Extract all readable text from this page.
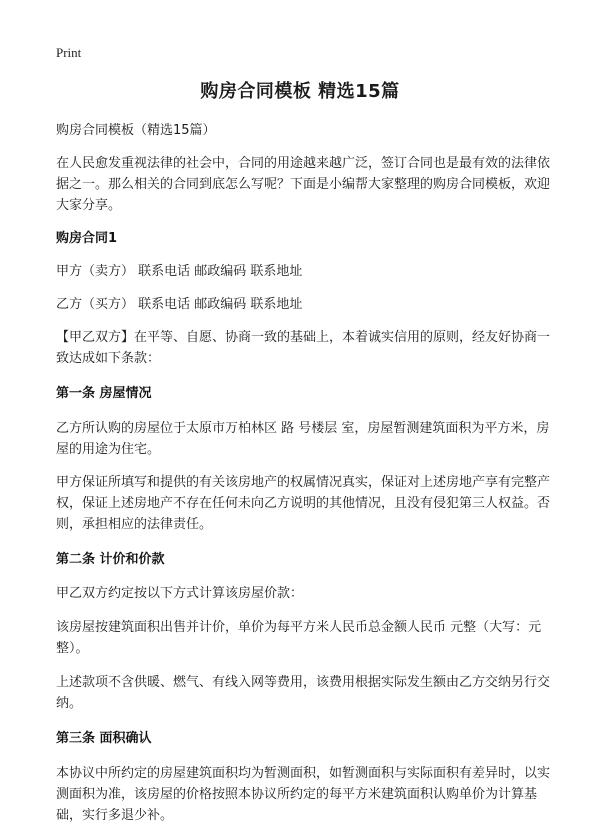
Print
购房合同模板 精选15篇

购房合同模板（精选15篇）

在人民愈发重视法律的社会中，合同的用途越来越广泛，签订合同也是最有效的法律依据之一。那么相关的合同到底怎么写呢？下面是小编帮大家整理的购房合同模板，欢迎大家分享。

购房合同1

甲方（卖方） 联系电话 邮政编码 联系地址

乙方（买方） 联系电话 邮政编码 联系地址

【甲乙双方】在平等、自愿、协商一致的基础上，本着诚实信用的原则，经友好协商一致达成如下条款：

第一条 房屋情况

乙方所认购的房屋位于太原市万柏林区 路 号楼层 室，房屋暂测建筑面积为平方米，房屋的用途为住宅。

甲方保证所填写和提供的有关该房地产的权属情况真实，保证对上述房地产享有完整产权，保证上述房地产不存在任何未向乙方说明的其他情况，且没有侵犯第三人权益。否则，承担相应的法律责任。

第二条 计价和价款

甲乙双方约定按以下方式计算该房屋价款：

该房屋按建筑面积出售并计价，单价为每平方米人民币总金额人民币 元整（大写：元整）。

上述款项不含供暖、燃气、有线入网等费用，该费用根据实际发生额由乙方交纳另行交纳。

第三条 面积确认

本协议中所约定的房屋建筑面积均为暂测面积，如暂测面积与实际面积有差异时，以实测面积为准，该房屋的价格按照本协议所约定的每平方米建筑面积认购单价为计算基础，实行多退少补。
